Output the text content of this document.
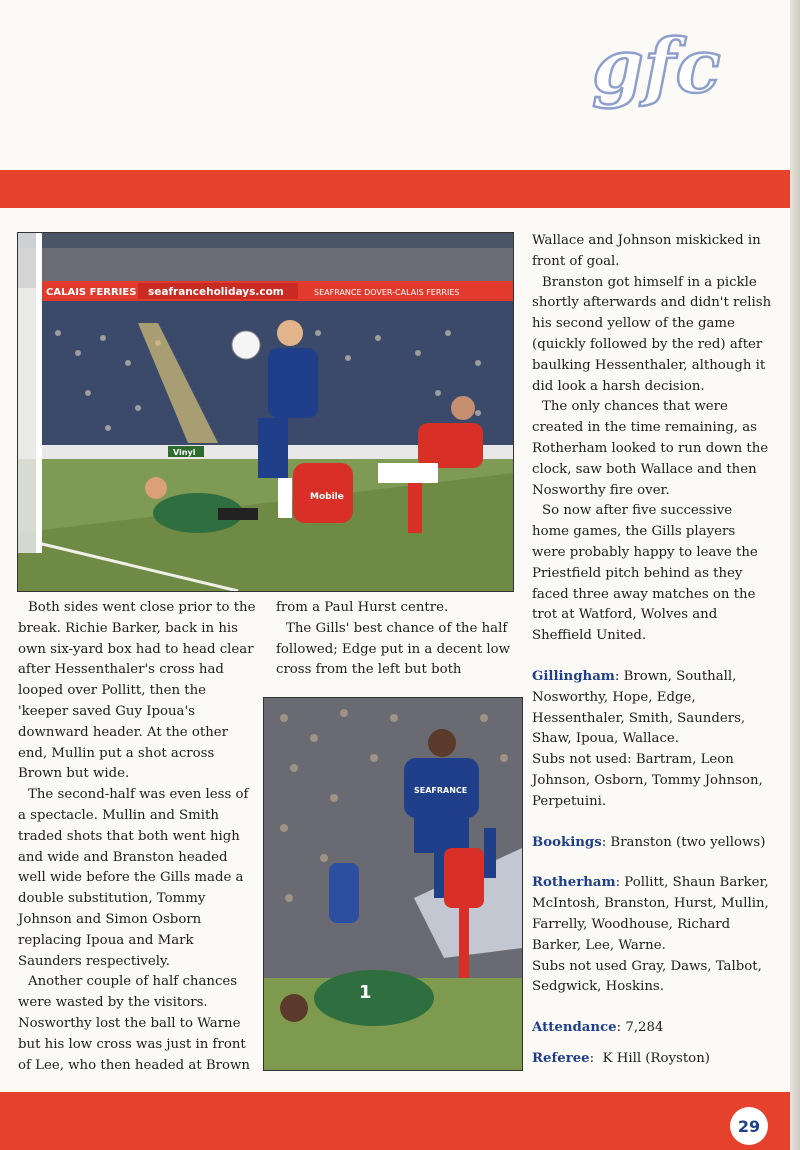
gfc
CALAIS FERRIES seafranceholidays.com	SEAFRANCE DOVER-CALAIS FERRIES
Vinyl
Mobile
SEAFRANCE
1

Both sides went close prior to the break. Richie Barker, back in his own six-yard box had to head clear after Hessenthaler's cross had looped over Pollitt, then the 'keeper saved Guy Ipoua's downward header. At the other end, Mullin put a shot across Brown but wide.

The second-half was even less of a spectacle. Mullin and Smith traded shots that both went high and wide and Branston headed well wide before the Gills made a double substitution, Tommy Johnson and Simon Osborn replacing Ipoua and Mark Saunders respectively.

Another couple of half chances were wasted by the visitors. Nosworthy lost the ball to Warne but his low cross was just in front of Lee, who then headed at Brown

from a Paul Hurst centre.

The Gills' best chance of the half followed; Edge put in a decent low cross from the left but both

Wallace and Johnson miskicked in front of goal.

Branston got himself in a pickle shortly afterwards and didn't relish his second yellow of the game (quickly followed by the red) after baulking Hessenthaler, although it did look a harsh decision.

The only chances that were created in the time remaining, as Rotherham looked to run down the clock, saw both Wallace and then Nosworthy fire over.

So now after five successive home games, the Gills players were probably happy to leave the Priestfield pitch behind as they faced three away matches on the trot at Watford, Wolves and Sheffield United.

Gillingham: Brown, Southall, Nosworthy, Hope, Edge, Hessenthaler, Smith, Saunders, Shaw, Ipoua, Wallace.

Subs not used: Bartram, Leon Johnson, Osborn, Tommy Johnson, Perpetuini.

Bookings: Branston (two yellows)

Rotherham: Pollitt, Shaun Barker, McIntosh, Branston, Hurst, Mullin, Farrelly, Woodhouse, Richard Barker, Lee, Warne.

Subs not used Gray, Daws, Talbot, Sedgwick, Hoskins.

Attendance: 7,284

Referee:  K Hill (Royston)

29
